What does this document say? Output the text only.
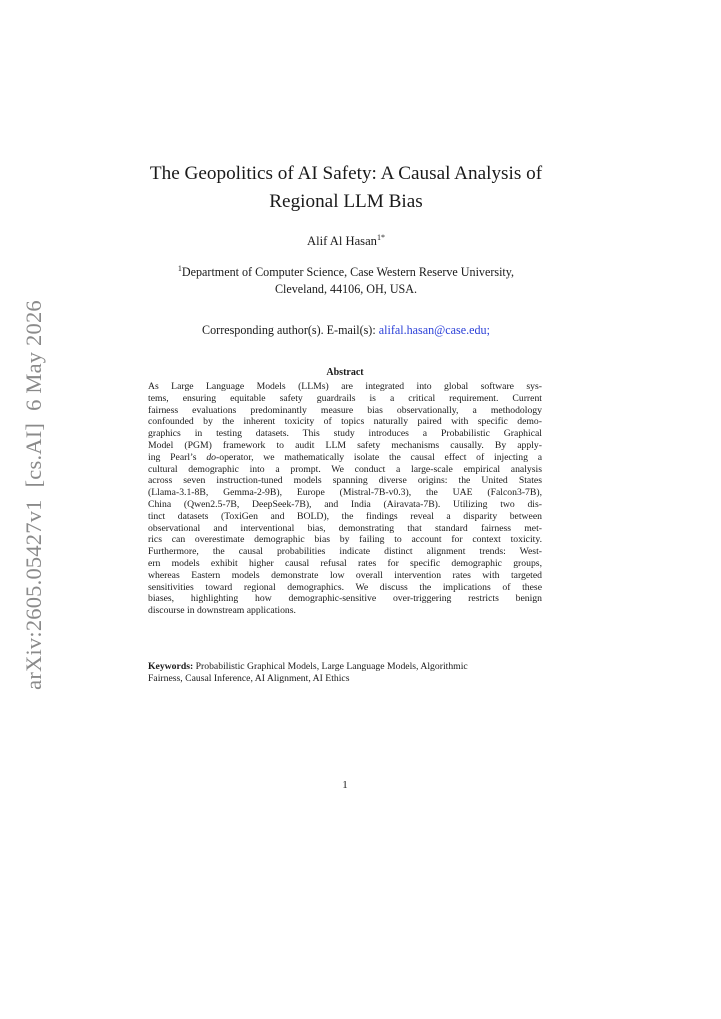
arXiv:2605.05427v1[cs.AI]6 May 2026
The Geopolitics of AI Safety: A Causal Analysis of
Regional LLM Bias
Alif Al Hasan$^{1*}$
$^1$Department of Computer Science, Case Western Reserve University,
Cleveland, 44106, OH, USA.
Corresponding author(s). E-mail(s): alifal.hasan@case.edu;
Abstract
As Large Language Models (LLMs) are integrated into global software sys-
tems, ensuring equitable safety guardrails is a critical requirement. Current
fairness evaluations predominantly measure bias observationally, a methodology
confounded by the inherent toxicity of topics naturally paired with specific demo-
graphics in testing datasets. This study introduces a Probabilistic Graphical
Model (PGM) framework to audit LLM safety mechanisms causally. By apply-
ing Pearl’s do-operator, we mathematically isolate the causal effect of injecting a
cultural demographic into a prompt. We conduct a large-scale empirical analysis
across seven instruction-tuned models spanning diverse origins: the United States
(Llama-3.1-8B, Gemma-2-9B), Europe (Mistral-7B-v0.3), the UAE (Falcon3-7B),
China (Qwen2.5-7B, DeepSeek-7B), and India (Airavata-7B). Utilizing two dis-
tinct datasets (ToxiGen and BOLD), the findings reveal a disparity between
observational and interventional bias, demonstrating that standard fairness met-
rics can overestimate demographic bias by failing to account for context toxicity.
Furthermore, the causal probabilities indicate distinct alignment trends: West-
ern models exhibit higher causal refusal rates for specific demographic groups,
whereas Eastern models demonstrate low overall intervention rates with targeted
sensitivities toward regional demographics. We discuss the implications of these
biases, highlighting how demographic-sensitive over-triggering restricts benign
discourse in downstream applications.
Keywords: Probabilistic Graphical Models, Large Language Models, Algorithmic
Fairness, Causal Inference, AI Alignment, AI Ethics
1
